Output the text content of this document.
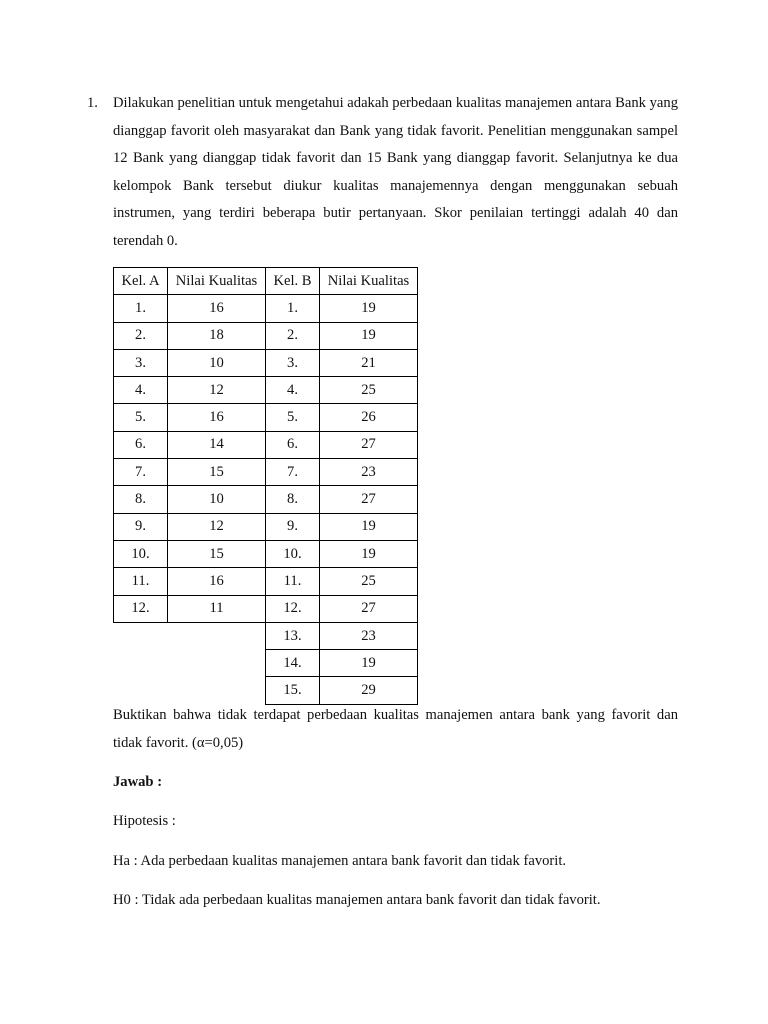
1. Dilakukan penelitian untuk mengetahui adakah perbedaan kualitas manajemen antara Bank yang dianggap favorit oleh masyarakat dan Bank yang tidak favorit. Penelitian menggunakan sampel 12 Bank yang dianggap tidak favorit dan 15 Bank yang dianggap favorit. Selanjutnya ke dua kelompok Bank tersebut diukur kualitas manajemennya dengan menggunakan sebuah instrumen, yang terdiri beberapa butir pertanyaan. Skor penilaian tertinggi adalah 40 dan terendah 0.

Kel. A	Nilai Kualitas	Kel. B	Nilai Kualitas
1.	16	1.	19
2.	18	2.	19
3.	10	3.	21
4.	12	4.	25
5.	16	5.	26
6.	14	6.	27
7.	15	7.	23
8.	10	8.	27
9.	12	9.	19
10.	15	10.	19
11.	16	11.	25
12.	11	12.	27
		13.	23
		14.	19
		15.	29

Buktikan bahwa tidak terdapat perbedaan kualitas manajemen antara bank yang favorit dan tidak favorit. (α=0,05)

Jawab :

Hipotesis :

Ha : Ada perbedaan kualitas manajemen antara bank favorit dan tidak favorit.

H0 : Tidak ada perbedaan kualitas manajemen antara bank favorit dan tidak favorit.
